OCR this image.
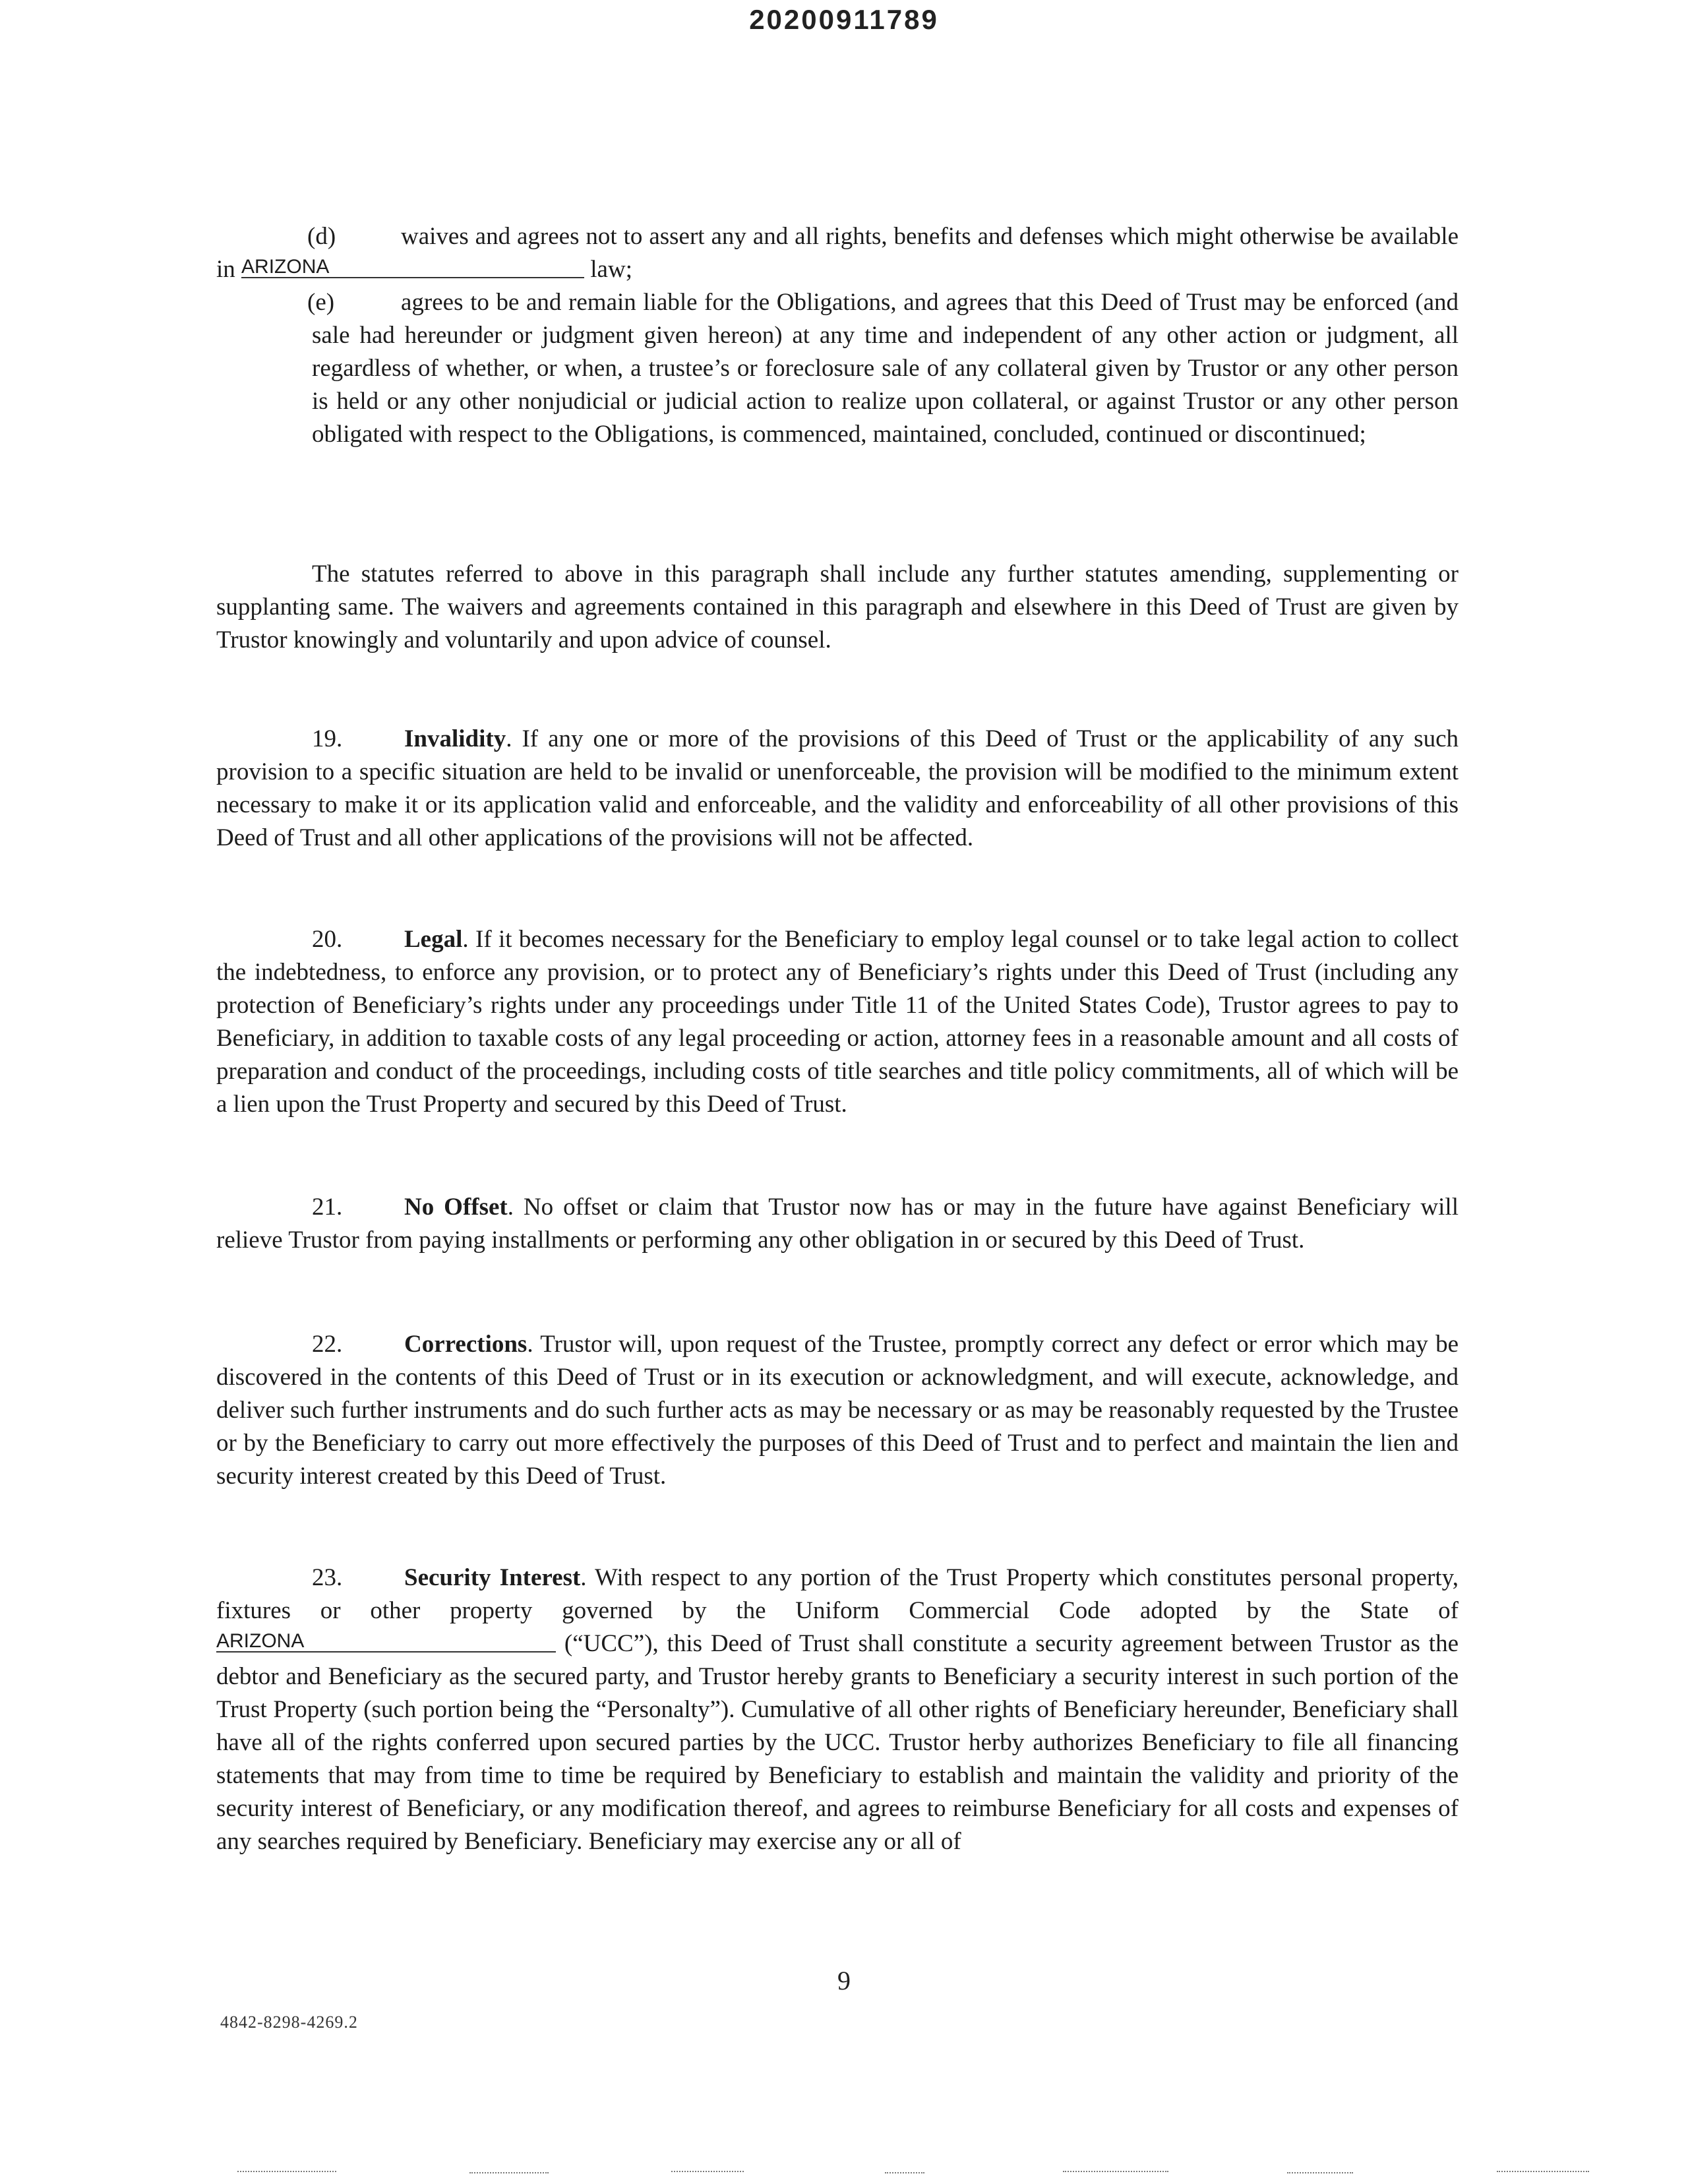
20200911789

(d)	waives and agrees not to assert any and all rights, benefits and defenses which might otherwise be available in ARIZONA	law;

(e)	agrees to be and remain liable for the Obligations, and agrees that this Deed of Trust may be enforced (and sale had hereunder or judgment given hereon) at any time and independent of any other action or judgment, all regardless of whether, or when, a trustee’s or foreclosure sale of any collateral given by Trustor or any other person is held or any other nonjudicial or judicial action to realize upon collateral, or against Trustor or any other person obligated with respect to the Obligations, is commenced, maintained, concluded, continued or discontinued;

The statutes referred to above in this paragraph shall include any further statutes amending, supplementing or supplanting same. The waivers and agreements contained in this paragraph and elsewhere in this Deed of Trust are given by Trustor knowingly and voluntarily and upon advice of counsel.

19.	Invalidity. If any one or more of the provisions of this Deed of Trust or the applicability of any such provision to a specific situation are held to be invalid or unenforceable, the provision will be modified to the minimum extent necessary to make it or its application valid and enforceable, and the validity and enforceability of all other provisions of this Deed of Trust and all other applications of the provisions will not be affected.

20.	Legal. If it becomes necessary for the Beneficiary to employ legal counsel or to take legal action to collect the indebtedness, to enforce any provision, or to protect any of Beneficiary’s rights under this Deed of Trust (including any protection of Beneficiary’s rights under any proceedings under Title 11 of the United States Code), Trustor agrees to pay to Beneficiary, in addition to taxable costs of any legal proceeding or action, attorney fees in a reasonable amount and all costs of preparation and conduct of the proceedings, including costs of title searches and title policy commitments, all of which will be a lien upon the Trust Property and secured by this Deed of Trust.

21.	No Offset. No offset or claim that Trustor now has or may in the future have against Beneficiary will relieve Trustor from paying installments or performing any other obligation in or secured by this Deed of Trust.

22.	Corrections. Trustor will, upon request of the Trustee, promptly correct any defect or error which may be discovered in the contents of this Deed of Trust or in its execution or acknowledgment, and will execute, acknowledge, and deliver such further instruments and do such further acts as may be necessary or as may be reasonably requested by the Trustee or by the Beneficiary to carry out more effectively the purposes of this Deed of Trust and to perfect and maintain the lien and security interest created by this Deed of Trust.

23.	Security Interest. With respect to any portion of the Trust Property which constitutes personal property, fixtures or other property governed by the Uniform Commercial Code adopted by the State of ARIZONA	(“UCC”), this Deed of Trust shall constitute a security agreement between Trustor as the debtor and Beneficiary as the secured party, and Trustor hereby grants to Beneficiary a security interest in such portion of the Trust Property (such portion being the “Personalty”). Cumulative of all other rights of Beneficiary hereunder, Beneficiary shall have all of the rights conferred upon secured parties by the UCC. Trustor herby authorizes Beneficiary to file all financing statements that may from time to time be required by Beneficiary to establish and maintain the validity and priority of the security interest of Beneficiary, or any modification thereof, and agrees to reimburse Beneficiary for all costs and expenses of any searches required by Beneficiary. Beneficiary may exercise any or all of

9
4842-8298-4269.2
